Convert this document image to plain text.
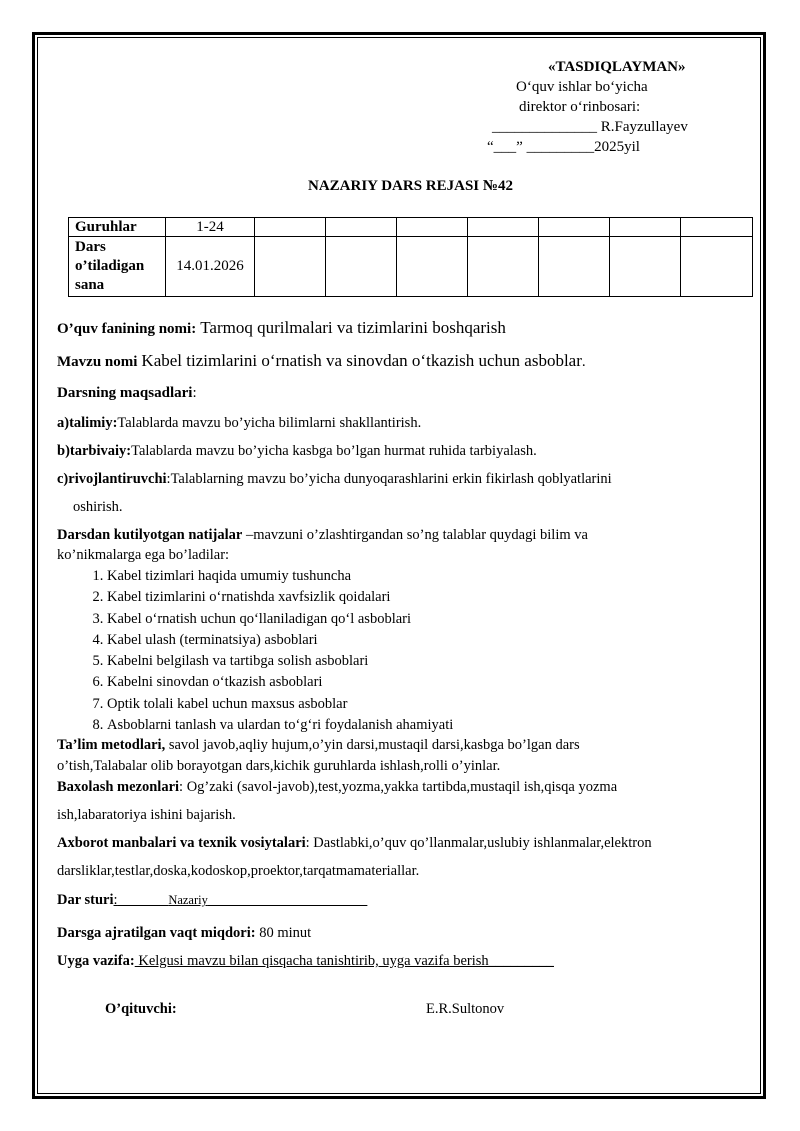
«TASDIQLAYMAN»
O‘quv ishlar bo‘yicha
direktor o‘rinbosari:
______________ R.Fayzullayev
“___” _________2025yil
NAZARIY DARS REJASI №42
Guruhlar	1-24							

Dars
o’tiladigan
sana	14.01.2026							
O’quv fanining nomi: Tarmoq qurilmalari va tizimlarini boshqarish
Mavzu nomi Kabel tizimlarini o‘rnatish va sinovdan o‘tkazish uchun asboblar.
Darsning maqsadlari:
a)talimiy:Talablarda mavzu bo’yicha bilimlarni shakllantirish.
b)tarbivaiy:Talablarda mavzu bo’yicha kasbga bo’lgan hurmat ruhida tarbiyalash.
c)rivojlantiruvchi:Talablarning mavzu bo’yicha dunyoqarashlarini erkin fikirlash qoblyatlarini
oshirish.
Darsdan kutilyotgan natijalar –mavzuni o’zlashtirgandan so’ng talablar quydagi bilim va
ko’nikmalarga ega bo’ladilar:
1. Kabel tizimlari haqida umumiy tushuncha
2. Kabel tizimlarini o‘rnatishda xavfsizlik qoidalari
3. Kabel o‘rnatish uchun qo‘llaniladigan qo‘l asboblari
4. Kabel ulash (terminatsiya) asboblari
5. Kabelni belgilash va tartibga solish asboblari
6. Kabelni sinovdan o‘tkazish asboblari
7. Optik tolali kabel uchun maxsus asboblar
8. Asboblarni tanlash va ulardan to‘g‘ri foydalanish ahamiyati
Ta’lim metodlari, savol javob,aqliy hujum,o’yin darsi,mustaqil darsi,kasbga bo’lgan dars
o’tish,Talabalar olib borayotgan dars,kichik guruhlarda ishlash,rolli o’yinlar.
Baxolash mezonlari: Og’zaki (savol-javob),test,yozma,yakka tartibda,mustaqil ish,qisqa yozma
ish,labaratoriya ishini bajarish.
Axborot manbalari va texnik vosiytalari: Dastlabki,o’quv qo’llanmalar,uslubiy ishlanmalar,elektron
darsliklar,testlar,doska,kodoskop,proektor,tarqatmamateriallar.
Dar sturi:	Nazariy
Darsga ajratilgan vaqt miqdori: 80 minut
Uyga vazifa: Kelgusi mavzu bilan qisqacha tanishtirib, uyga vazifa berish_________
O’qituvchi:	E.R.Sultonov
